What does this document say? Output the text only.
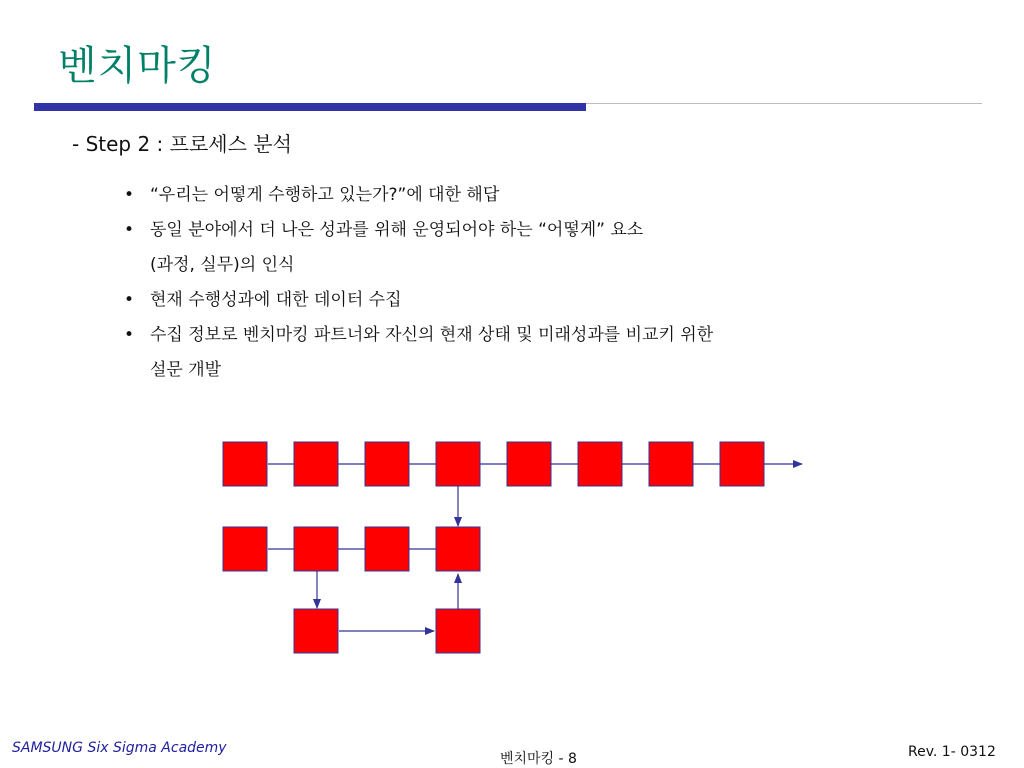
벤치마킹
- Step 2 : 프로세스 분석
• “우리는 어떻게 수행하고 있는가?”에 대한 해답
• 동일 분야에서 더 나은 성과를 위해 운영되어야 하는 “어떻게” 요소
(과정, 실무)의 인식
• 현재 수행성과에 대한 데이터 수집
• 수집 정보로 벤치마킹 파트너와 자신의 현재 상태 및 미래성과를 비교키 위한
설문 개발
SAMSUNG Six Sigma Academy
벤치마킹 - 8	Rev. 1- 0312
